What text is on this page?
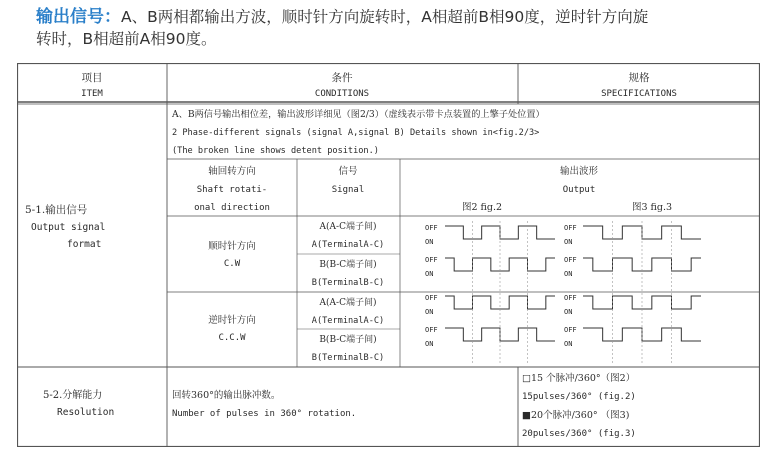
输出信号：A、B两相都输出方波，顺时针方向旋转时，A相超前B相90度，逆时针方向旋
转时，B相超前A相90度。
项目
ITEM
条件
CONDITIONS
规格
SPECIFICATIONS
5-1.输出信号
Output signal
format
A、B两信号输出相位差，输出波形详细见（图2/3）（虚线表示带卡点装置的上擎子处位置）
2 Phase-different signals (signal A,signal B) Details shown in<fig.2/3>
(The broken line shows detent position.)
轴回转方向
Shaft rotati-
onal direction
信号
Signal
输出波形
Output
图2 fig.2	图3 fig.3
顺时针方向
C.W
逆时针方向
C.C.W
A(A-C端子间)
A(TerminalA-C)
B(B-C端子间)
B(TerminalB-C)
A(A-C端子间)
A(TerminalA-C)
B(B-C端子间)
B(TerminalB-C)
OFF
ON
OFF
ON
OFF
ON
OFF
ON
OFF
ON
OFF
ON
OFF
ON
OFF
ON
5-2.分解能力
Resolution
回转360°的输出脉冲数。
Number of pulses in 360° rotation.
□15 个脉冲/360°（图2）
15pulses/360° (fig.2)
■20个脉冲/360° （图3)
20pulses/360° (fig.3)
